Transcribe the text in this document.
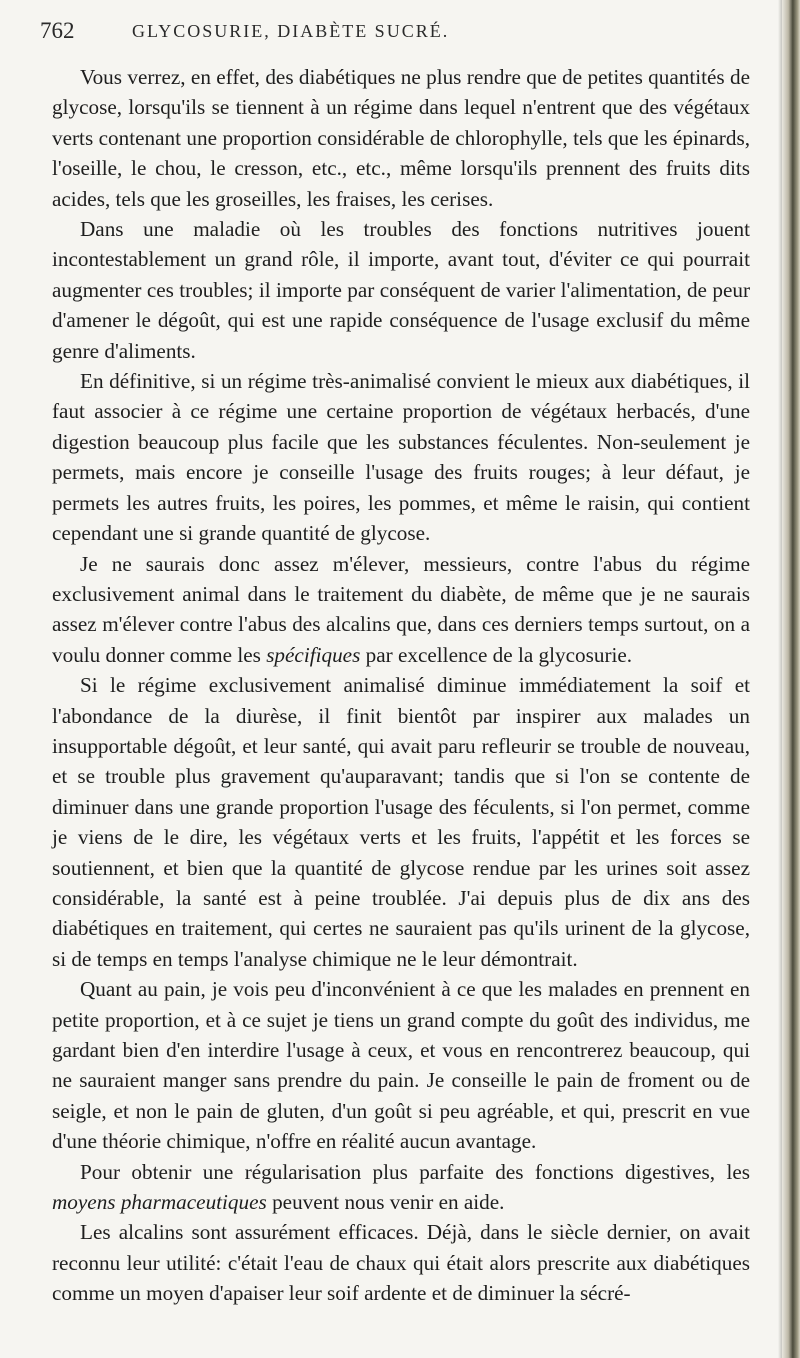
762	GLYCOSURIE, DIABÈTE SUCRÉ.

Vous verrez, en effet, des diabétiques ne plus rendre que de petites quantités de glycose, lorsqu'ils se tiennent à un régime dans lequel n'entrent que des végétaux verts contenant une proportion considérable de chlorophylle, tels que les épinards, l'oseille, le chou, le cresson, etc., etc., même lorsqu'ils prennent des fruits dits acides, tels que les groseilles, les fraises, les cerises.

Dans une maladie où les troubles des fonctions nutritives jouent incontestablement un grand rôle, il importe, avant tout, d'éviter ce qui pourrait augmenter ces troubles; il importe par conséquent de varier l'alimentation, de peur d'amener le dégoût, qui est une rapide conséquence de l'usage exclusif du même genre d'aliments.

En définitive, si un régime très-animalisé convient le mieux aux diabétiques, il faut associer à ce régime une certaine proportion de végétaux herbacés, d'une digestion beaucoup plus facile que les substances féculentes. Non-seulement je permets, mais encore je conseille l'usage des fruits rouges; à leur défaut, je permets les autres fruits, les poires, les pommes, et même le raisin, qui contient cependant une si grande quantité de glycose.

Je ne saurais donc assez m'élever, messieurs, contre l'abus du régime exclusivement animal dans le traitement du diabète, de même que je ne saurais assez m'élever contre l'abus des alcalins que, dans ces derniers temps surtout, on a voulu donner comme les spécifiques par excellence de la glycosurie.

Si le régime exclusivement animalisé diminue immédiatement la soif et l'abondance de la diurèse, il finit bientôt par inspirer aux malades un insupportable dégoût, et leur santé, qui avait paru refleurir se trouble de nouveau, et se trouble plus gravement qu'auparavant; tandis que si l'on se contente de diminuer dans une grande proportion l'usage des féculents, si l'on permet, comme je viens de le dire, les végétaux verts et les fruits, l'appétit et les forces se soutiennent, et bien que la quantité de glycose rendue par les urines soit assez considérable, la santé est à peine troublée. J'ai depuis plus de dix ans des diabétiques en traitement, qui certes ne sauraient pas qu'ils urinent de la glycose, si de temps en temps l'analyse chimique ne le leur démontrait.

Quant au pain, je vois peu d'inconvénient à ce que les malades en prennent en petite proportion, et à ce sujet je tiens un grand compte du goût des individus, me gardant bien d'en interdire l'usage à ceux, et vous en rencontrerez beaucoup, qui ne sauraient manger sans prendre du pain. Je conseille le pain de froment ou de seigle, et non le pain de gluten, d'un goût si peu agréable, et qui, prescrit en vue d'une théorie chimique, n'offre en réalité aucun avantage.

Pour obtenir une régularisation plus parfaite des fonctions digestives, les moyens pharmaceutiques peuvent nous venir en aide.

Les alcalins sont assurément efficaces. Déjà, dans le siècle dernier, on avait reconnu leur utilité: c'était l'eau de chaux qui était alors prescrite aux diabétiques comme un moyen d'apaiser leur soif ardente et de diminuer la sécré-
